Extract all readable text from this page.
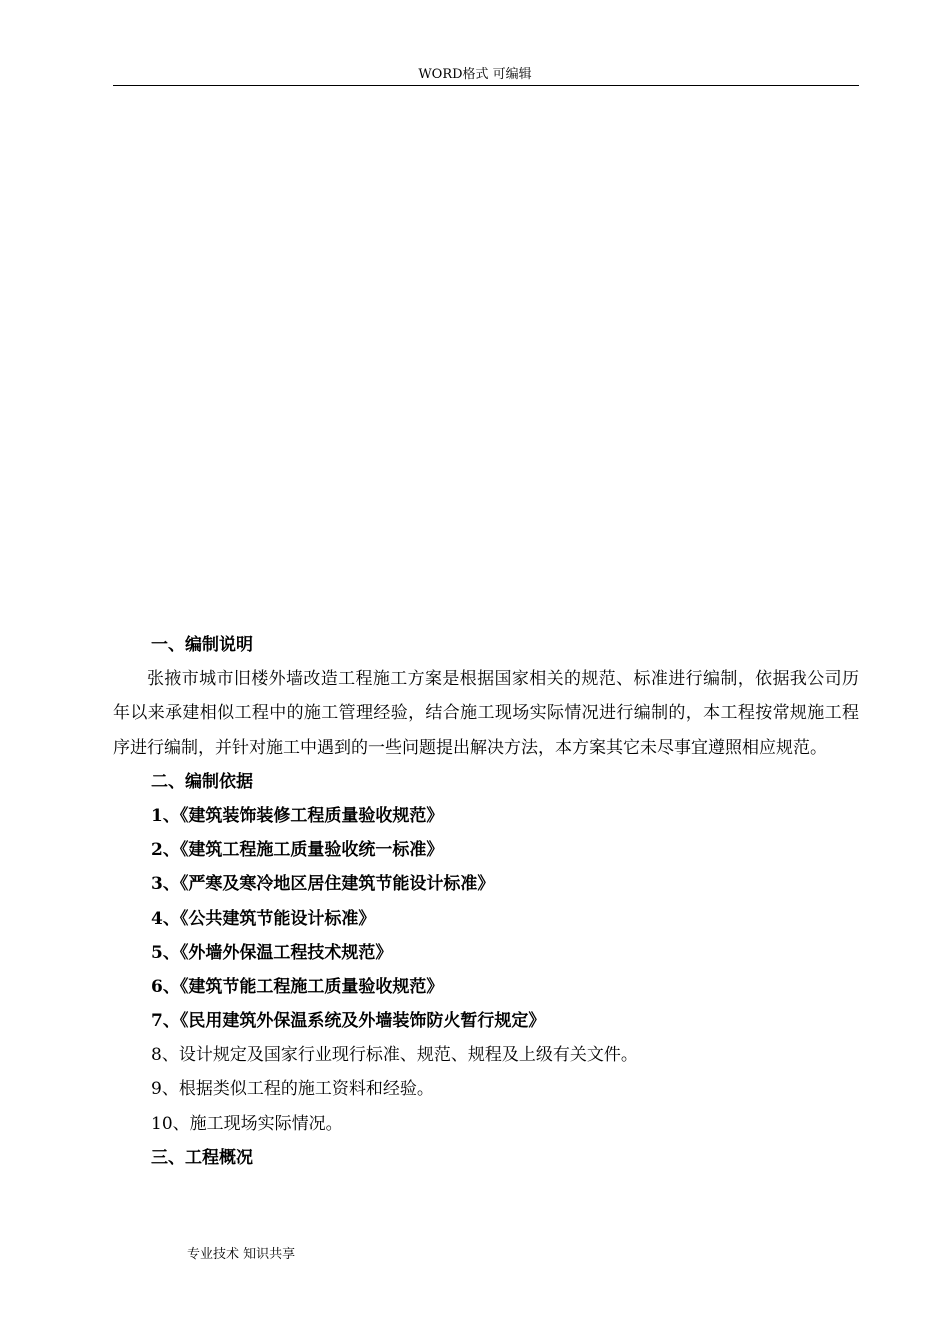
WORD格式 可编辑
一、编制说明
张掖市城市旧楼外墙改造工程施工方案是根据国家相关的规范、标准进行编制，依据我公司历年以来承建相似工程中的施工管理经验，结合施工现场实际情况进行编制的，本工程按常规施工程序进行编制，并针对施工中遇到的一些问题提出解决方法，本方案其它未尽事宜遵照相应规范。
二、编制依据
1、《建筑装饰装修工程质量验收规范》
2、《建筑工程施工质量验收统一标准》
3、《严寒及寒冷地区居住建筑节能设计标准》
4、《公共建筑节能设计标准》
5、《外墙外保温工程技术规范》
6、《建筑节能工程施工质量验收规范》
7、《民用建筑外保温系统及外墙装饰防火暂行规定》
8、设计规定及国家行业现行标准、规范、规程及上级有关文件。
9、根据类似工程的施工资料和经验。
10、施工现场实际情况。
三、工程概况
专业技术 知识共享
